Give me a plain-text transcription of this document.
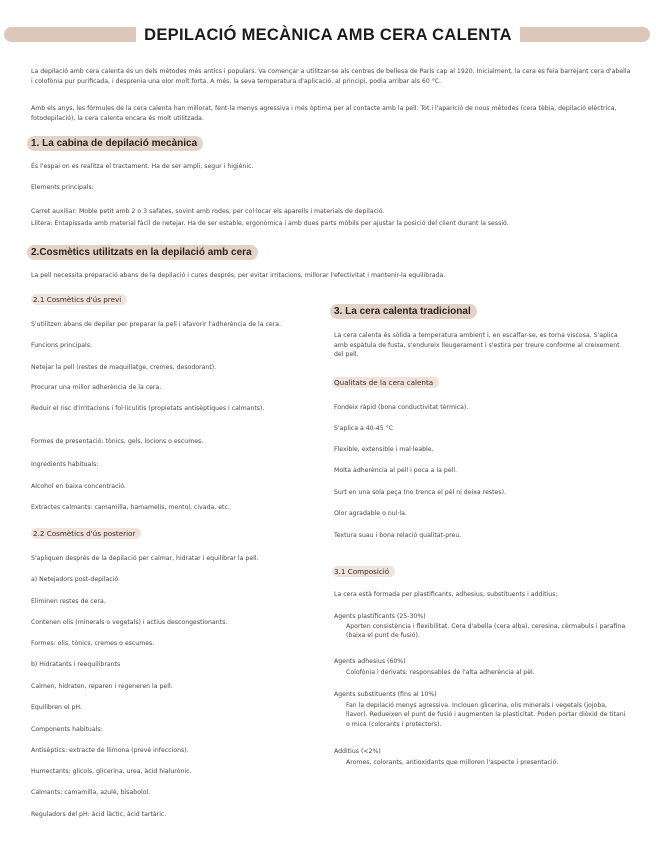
DEPILACIÓ MECÀNICA AMB CERA CALENTA
La depilació amb cera calenta és un dels mètodes més antics i populars. Va començar a utilitzar-se als centres de bellesa de París cap al 1920. Inicialment, la cera es feia barrejant cera d'abella i colofònia pur purificada, i desprenia una olor molt forta. A més, la seva temperatura d'aplicació, al principi, podia arribar als 60 °C.
Amb els anys, les fórmules de la cera calenta han millorat, fent-la menys agressiva i més òptima per al contacte amb la pell. Tot i l'aparició de nous mètodes (cera tèbia, depilació elèctrica, fotodepilació), la cera calenta encara és molt utilitzada.
1. La cabina de depilació mecànica
És l'espai on es realitza el tractament. Ha de ser ampli, segur i higiènic.
Elements principals:
Carret auxiliar: Moble petit amb 2 o 3 safates, sovint amb rodes, per col·locar els aparells i materials de depilació.
Llitera: Entapissada amb material fàcil de netejar. Ha de ser estable, ergonòmica i amb dues parts mòbils per ajustar la posició del client durant la sessió.
2.Cosmètics utilitzats en la depilació amb cera
La pell necessita preparació abans de la depilació i cures després, per evitar irritacions, millorar l'efectivitat i mantenir-la equilibrada.
2.1 Cosmètics d'ús previ
S'utilitzen abans de depilar per preparar la pell i afavorir l'adherència de la cera.
Funcions principals:
Netejar la pell (restes de maquillatge, cremes, desodorant).
Procurar una millor adherència de la cera.
Reduir el risc d'irritacions i fol·liculitis (propietats antisèptiques i calmants).
Formes de presentació: tònics, gels, locions o escumes.
Ingredients habituals:
Alcohol en baixa concentració.
Extractes calmants: camamilla, hamamelis, mentol, civada, etc.
2.2 Cosmètics d'ús posterior
S'apliquen després de la depilació per calmar, hidratar i equilibrar la pell.
a) Netejadors post-depilació
Eliminen restes de cera.
Contenen olis (minerals o vegetals) i actius descongestionants.
Formes: olis, tònics, cremes o escumes.
b) Hidratants i reequilibrants
Calmen, hidraten, reparen i regeneren la pell.
Equilibren el pH.
Components habituals:
Antisèptics: extracte de llimona (prevé infeccions).
Humectants: glicols, glicerina, urea, àcid hialurònic.
Calmants: camamilla, azulè, bisabolol.
Reguladors del pH: àcid làctic, àcid tartàric.
3. La cera calenta tradicional
La cera calenta és sòlida a temperatura ambient i, en escalfar-se, es torna viscosa. S'aplica amb espàtula de fusta, s'endureix lleugerament i s'estira per treure conforme al creixement del pell.
Qualitats de la cera calenta
Fondeix ràpid (bona conductivitat tèrmica).
S'aplica a 40-45 °C
Flexible, extensible i mal·leable.
Molta adherència al pell i poca a la pell.
Surt en una sola peça (no trenca el pèl ni deixa restes).
Olor agradable o nul·la.
Textura suau i bona relació qualitat-preu.
3.1 Composició
La cera està formada per plastificants, adhesius, substituents i additius:
Agents plastificants (25-30%)
Aporten consistència i flexibilitat. Cera d'abella (cera alba), ceresina, cèrmabuls i parafina (baixa el punt de fusió).
Agents adhesius (60%)
Colofònia i derivats: responsables de l'alta adherència al pèl.
Agents substituents (fins al 10%)
Fan la depilació menys agressiva. Inclouen glicerina, olis minerals i vegetals (jojoba, llavor). Redueixen el punt de fusió i augmenten la plasticitat. Poden portar diòxid de titani o mica (colorants i protectors).
Additius (<2%)
Aromes, colorants, antioxidants que milloren l'aspecte i presentació.
